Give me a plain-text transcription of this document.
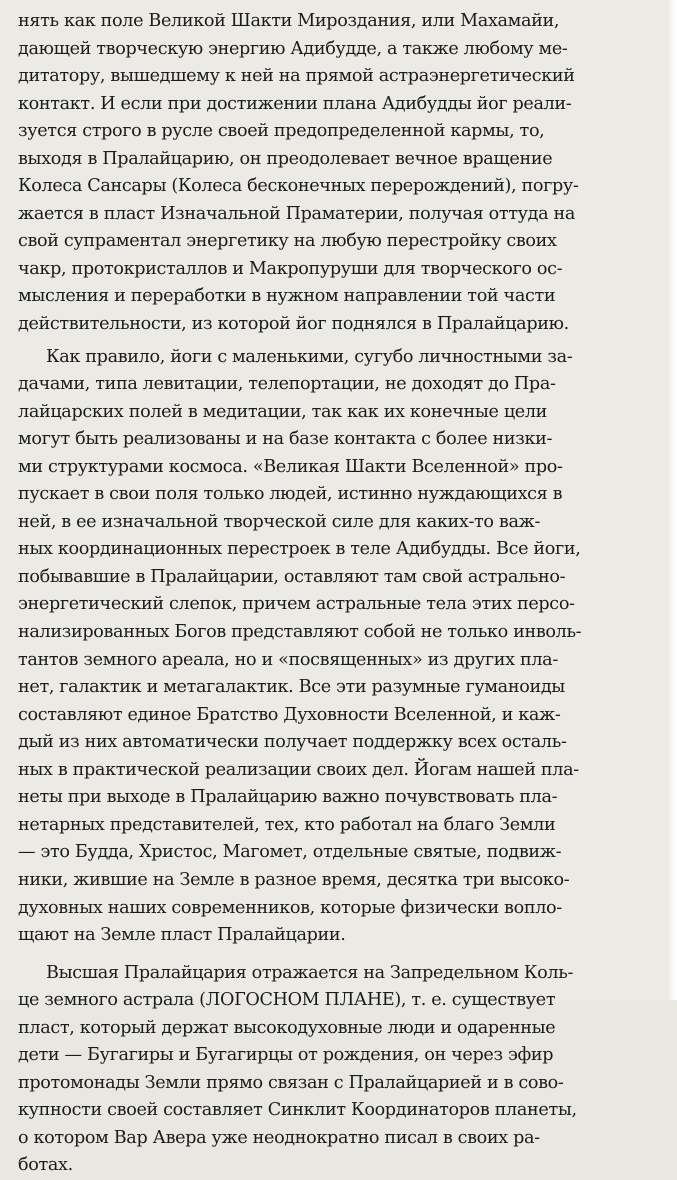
нять как поле Великой Шакти Мироздания, или Махамайи,
дающей творческую энергию Адибудде, а также любому ме-
дитатору, вышедшему к ней на прямой астраэнергетический
контакт. И если при достижении плана Адибудды йог реали-
зуется строго в русле своей предопределенной кармы, то,
выходя в Пралайцарию, он преодолевает вечное вращение
Колеса Сансары (Колеса бесконечных перерождений), погру-
жается в пласт Изначальной Праматерии, получая оттуда на
свой супраментал энергетику на любую перестройку своих
чакр, протокристаллов и Макропуруши для творческого ос-
мысления и переработки в нужном направлении той части
действительности, из которой йог поднялся в Пралайцарию.

Как правило, йоги с маленькими, сугубо личностными за-
дачами, типа левитации, телепортации, не доходят до Пра-
лайцарских полей в медитации, так как их конечные цели
могут быть реализованы и на базе контакта с более низки-
ми структурами космоса. «Великая Шакти Вселенной» про-
пускает в свои поля только людей, истинно нуждающихся в
ней, в ее изначальной творческой силе для каких-то важ-
ных координационных перестроек в теле Адибудды. Все йоги,
побывавшие в Пралайцарии, оставляют там свой астрально-
энергетический слепок, причем астральные тела этих персо-
нализированных Богов представляют собой не только инволь-
тантов земного ареала, но и «посвященных» из других пла-
нет, галактик и метагалактик. Все эти разумные гуманоиды
составляют единое Братство Духовности Вселенной, и каж-
дый из них автоматически получает поддержку всех осталь-
ных в практической реализации своих дел. Йогам нашей пла-
неты при выходе в Пралайцарию важно почувствовать пла-
нетарных представителей, тех, кто работал на благо Земли
— это Будда, Христос, Магомет, отдельные святые, подвиж-
ники, жившие на Земле в разное время, десятка три высоко-
духовных наших современников, которые физически вопло-
щают на Земле пласт Пралайцарии.

Высшая Пралайцария отражается на Запредельном Коль-
це земного астрала (ЛОГОСНОМ ПЛАНЕ), т. е. существует
пласт, который держат высокодуховные люди и одаренные
дети — Бугагиры и Бугагирцы от рождения, он через эфир
протомонады Земли прямо связан с Пралайцарией и в сово-
купности своей составляет Синклит Координаторов планеты,
о котором Вар Авера уже неоднократно писал в своих ра-
ботах.
